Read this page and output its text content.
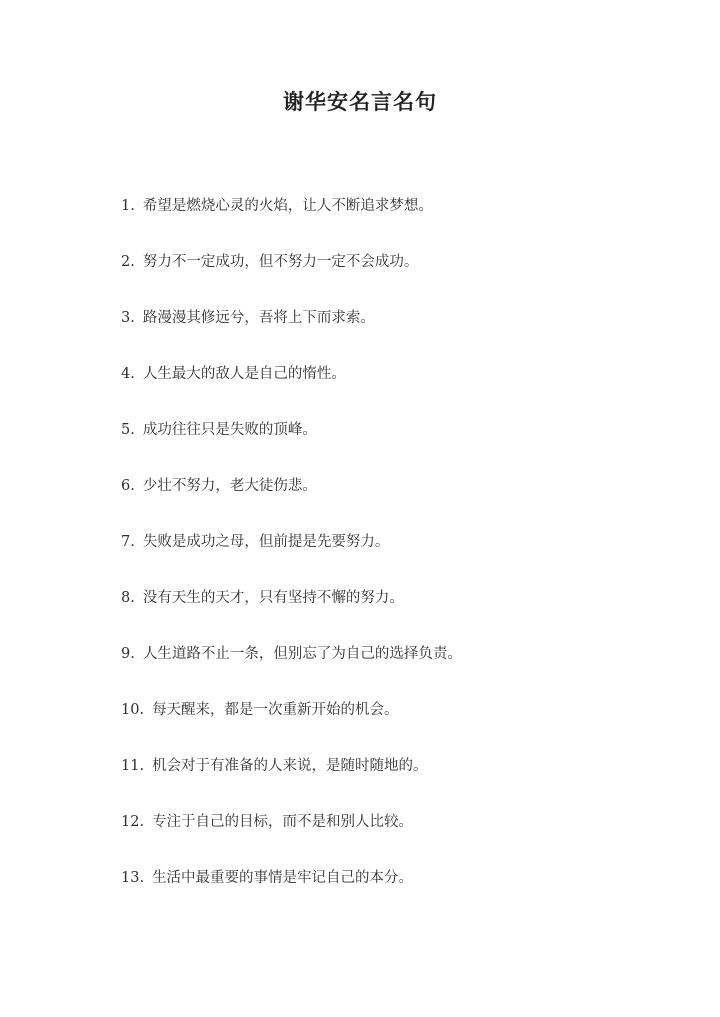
谢华安名言名句
1. 希望是燃烧心灵的火焰，让人不断追求梦想。
2. 努力不一定成功，但不努力一定不会成功。
3. 路漫漫其修远兮，吾将上下而求索。
4. 人生最大的敌人是自己的惰性。
5. 成功往往只是失败的顶峰。
6. 少壮不努力，老大徒伤悲。
7. 失败是成功之母，但前提是先要努力。
8. 没有天生的天才，只有坚持不懈的努力。
9. 人生道路不止一条，但别忘了为自己的选择负责。
10. 每天醒来，都是一次重新开始的机会。
11. 机会对于有准备的人来说，是随时随地的。
12. 专注于自己的目标，而不是和别人比较。
13. 生活中最重要的事情是牢记自己的本分。
